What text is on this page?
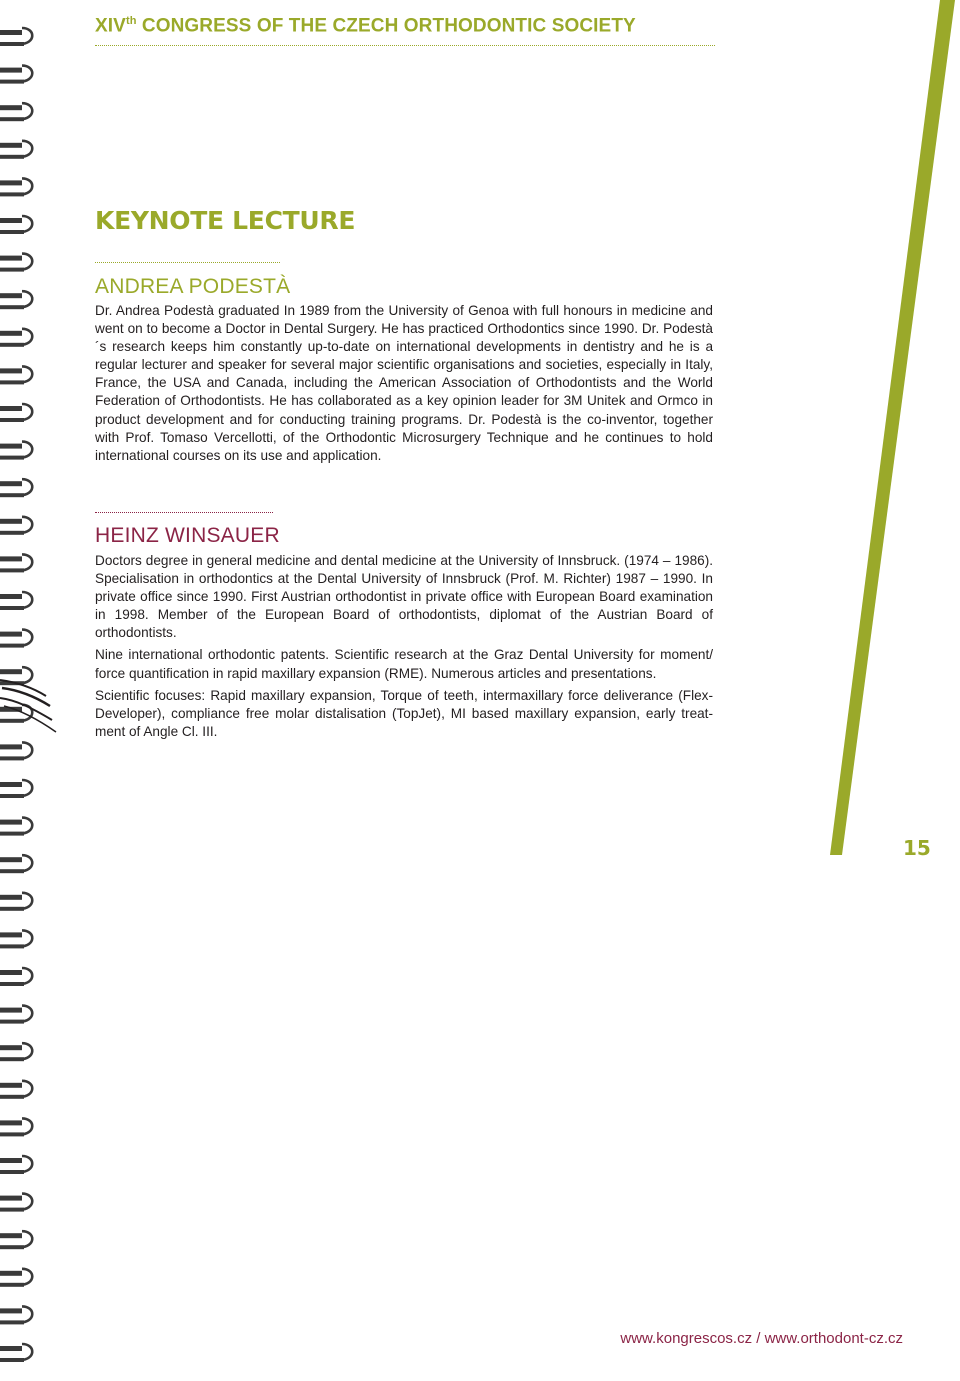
XIVth CONGRESS OF THE CZECH ORTHODONTIC SOCIETY
KEYNOTE LECTURE
ANDREA PODESTÀ

Dr. Andrea Podestà graduated In 1989 from the University of Genoa with full honours in medicine and went on to become a Doctor in Dental Surgery. He has practiced Orthodontics since 1990. Dr. Podestà´s research keeps him constantly up-to-date on international developments in dentistry and he is a regular lecturer and speaker for several major scientific organisations and societies, especially in Italy, France, the USA and Canada, including the American Association of Orthodontists and the World Federation of Orthodontists. He has collaborated as a key opinion leader for 3M Unitek and Ormco in product development and for conducting training programs. Dr. Podestà is the co-inventor, together with Prof. Tomaso Vercellotti, of the Orthodontic Microsurgery Technique and he continues to hold international courses on its use and application.

HEINZ WINSAUER

Doctors degree in general medicine and dental medicine at the University of Innsbruck. (1974 – 1986). Specialisation in orthodontics at the Dental University of Innsbruck (Prof. M. Richter) 1987 – 1990. In private office since 1990. First Austrian orthodontist in private office with European Board examination in 1998. Member of the European Board of orthodontists, diplomat of the Austrian Board of orthodontists.

Nine international orthodontic patents. Scientific research at the Graz Dental University for moment/ force quantification in rapid maxillary expansion (RME). Numerous articles and presentations.

Scientific focuses: Rapid maxillary expansion, Torque of teeth, intermaxillary force deliverance (Flex-Developer), compliance free molar distalisation (TopJet), MI based maxillary expansion, early treat-ment of Angle Cl. III.

15
www.kongrescos.cz / www.orthodont-cz.cz
